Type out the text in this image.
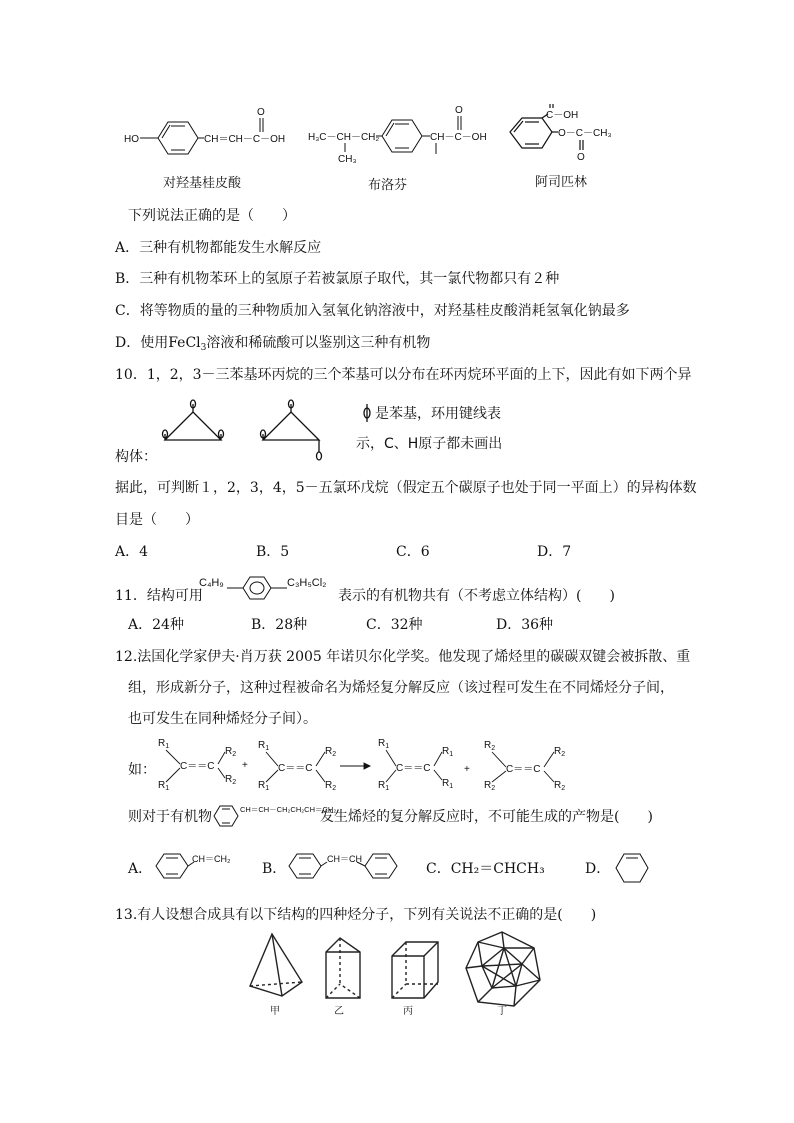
HO	CH＝CH－C－OH
O
H₃C－CH－CH₂
CH₃
CH－C－OH
O	C－OH
O－C－CH₃
O
对羟基桂皮酸	布洛芬	阿司匹林
下列说法正确的是（　　）
A．三种有机物都能发生水解反应
B．三种有机物苯环上的氢原子若被氯原子取代，其一氯代物都只有２种
C．将等物质的量的三种物质加入氢氧化钠溶液中，对羟基桂皮酸消耗氢氧化钠最多
D．使用FeCl$_3$溶液和稀硫酸可以鉴别这三种有机物
10．1，2，3－三苯基环丙烷的三个苯基可以分布在环丙烷环平面的上下，因此有如下两个异
是苯基，环用键线表
示，C、H原子都未画出
构体：
据此，可判断１，2，3，4，5－五氯环戊烷（假定五个碳原子也处于同一平面上）的异构体数
目是（　　）
A．4	B．5	C．6	D．7
11．结构可用
C₄H₉	C₃H₅Cl₂
表示的有机物共有（不考虑立体结构）(　　)
A．24种	B．28种	C．32种	D．36种
12.法国化学家伊夫·肖万获 2005 年诺贝尔化学奖。他发现了烯烃里的碳碳双键会被拆散、重
组，形成新分子，这种过程被命名为烯烃复分解反应（该过程可发生在不同烯烃分子间，
也可发生在同种烯烃分子间）。
如：
$R_1$
$R_1$
C＝＝C
$R_2$
$R_2$
+
$R_1$
$R_1$
C＝＝C
$R_2$
$R_2$
$R_1$
$R_1$
C＝＝C
$R_1$
$R_1$
+
$R_2$
$R_2$
C＝＝C
$R_2$
$R_2$
则对于有机物	CH＝CH－CH₂CH₂CH＝CH₂
发生烯烃的复分解反应时，不可能生成的产物是(　　)
A．
CH＝CH₂
B．
CH＝CH
C．CH₂＝CHCH₃	D．
13.有人设想合成具有以下结构的四种烃分子，下列有关说法不正确的是(　　)
甲	乙	丙	丁
